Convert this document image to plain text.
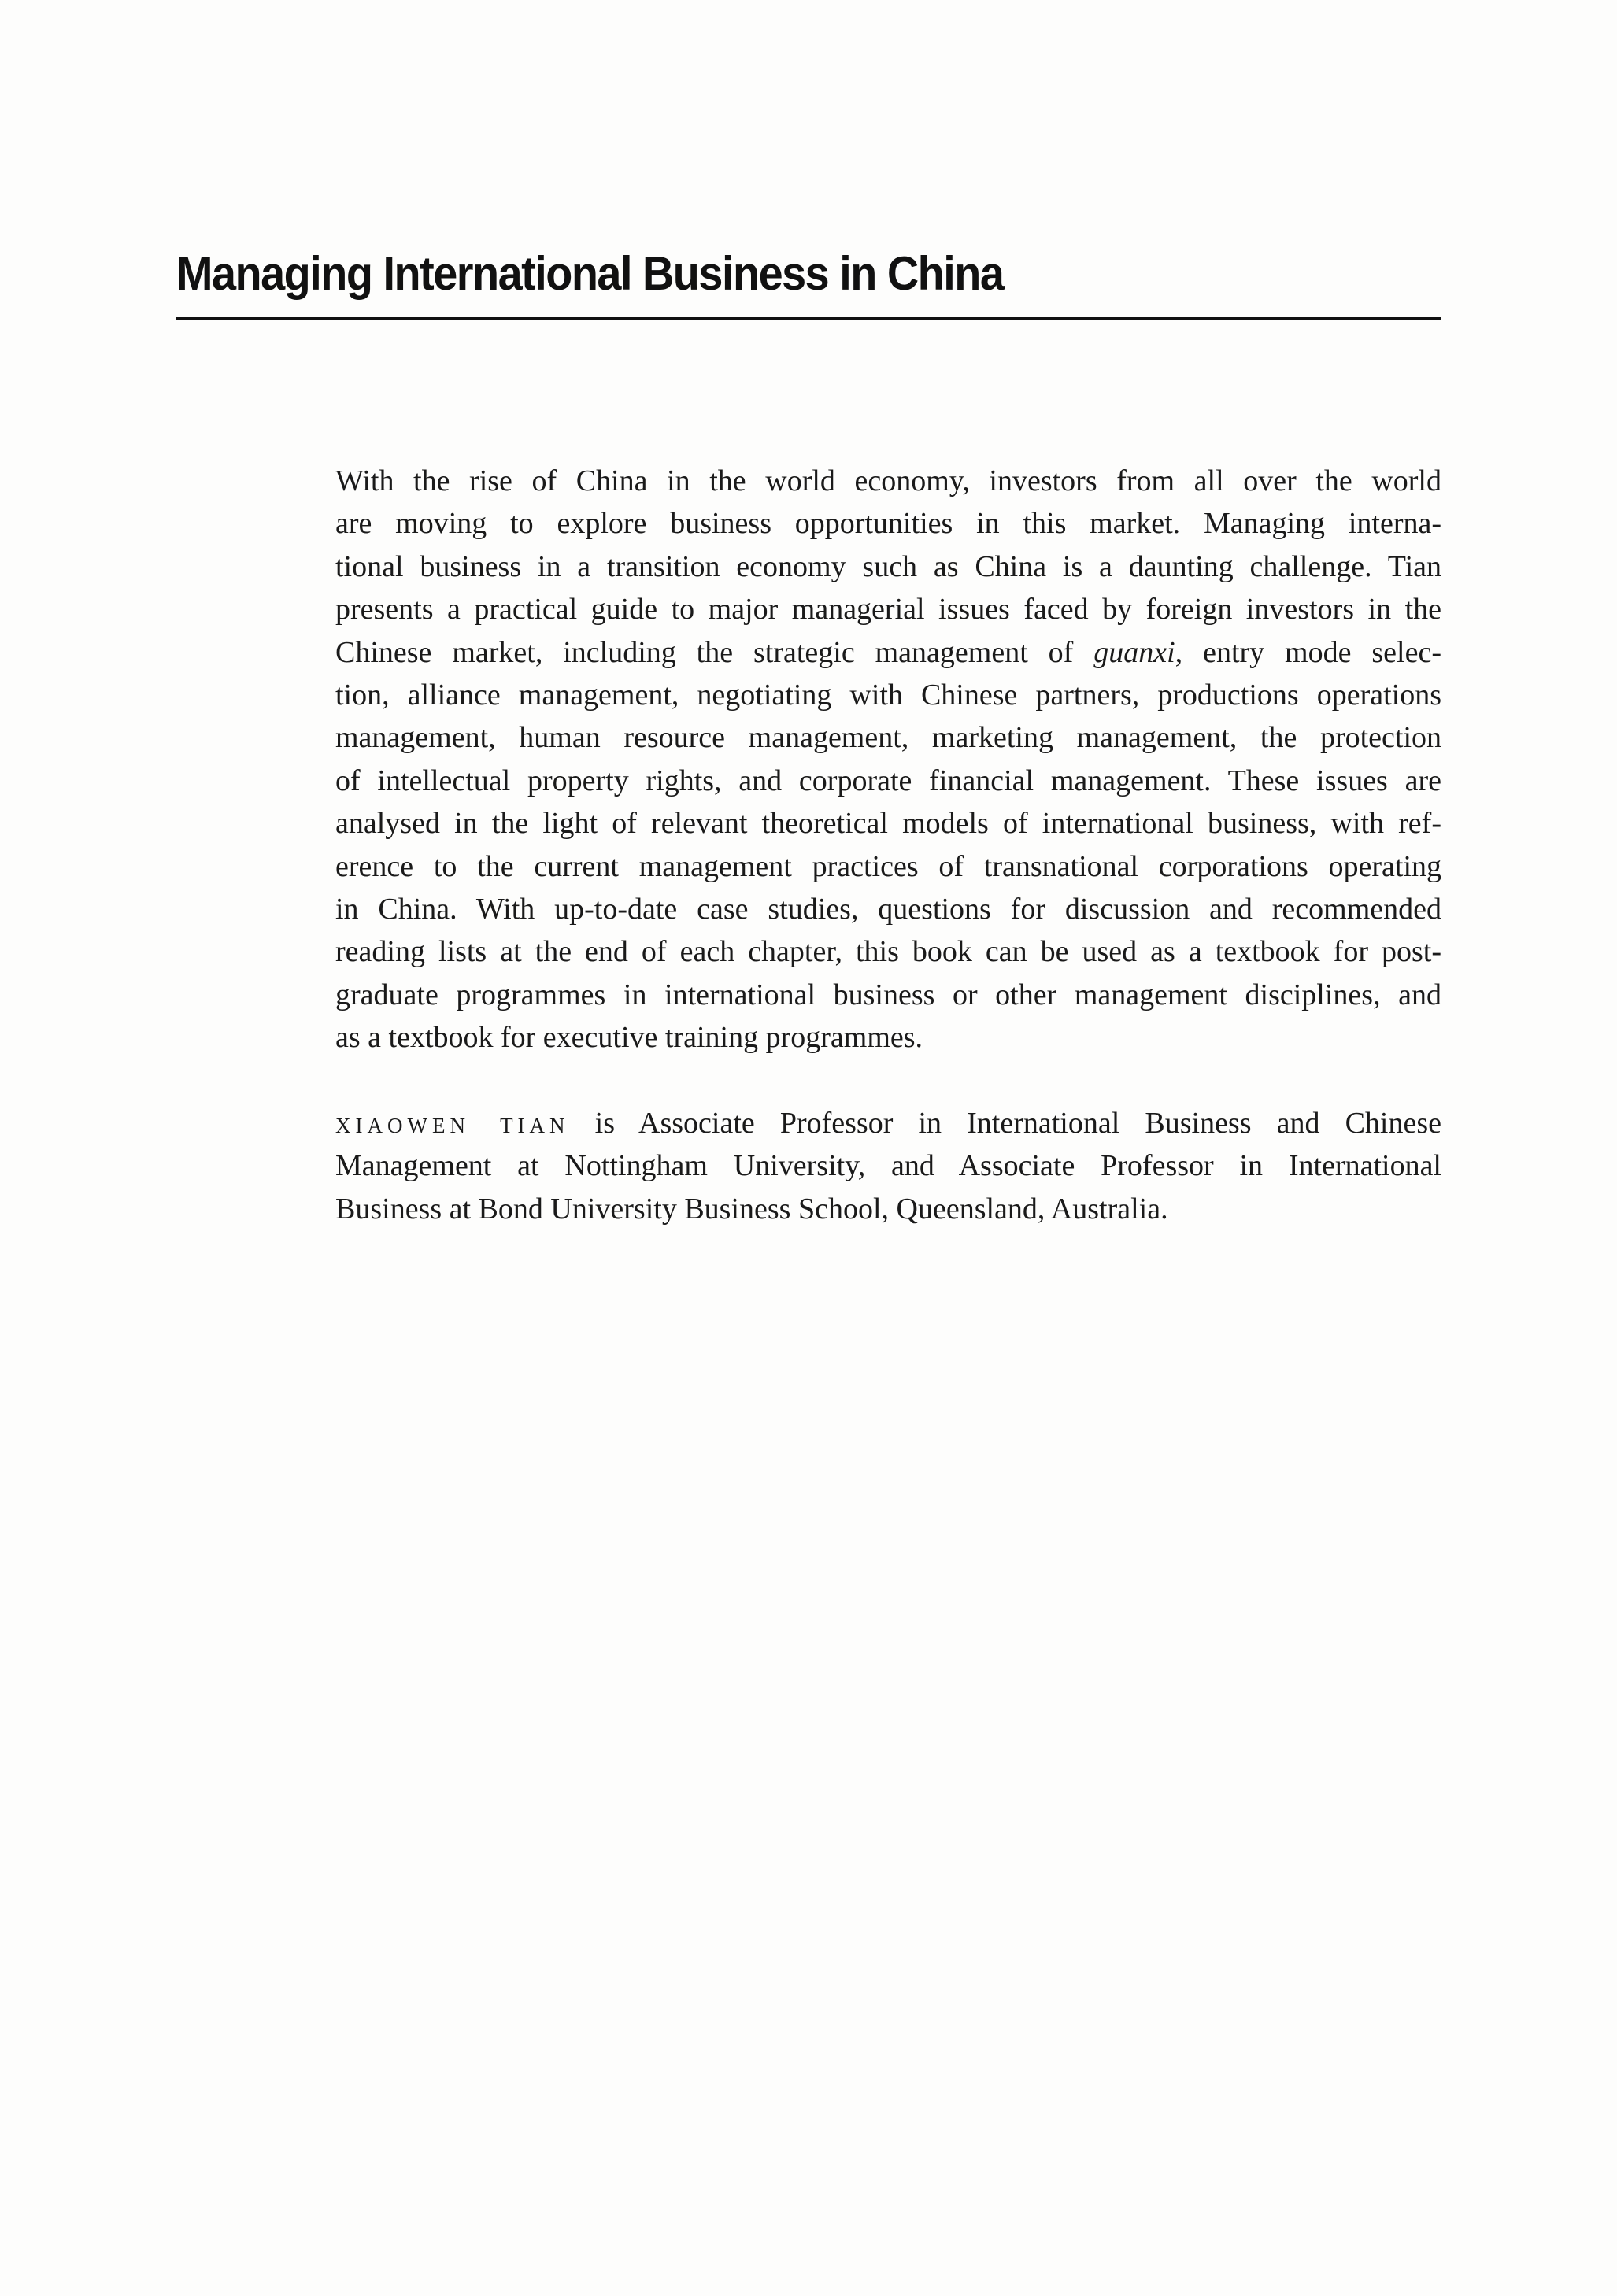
Managing International Business in China
With the rise of China in the world economy, investors from all over the world
are moving to explore business opportunities in this market. Managing interna-
tional business in a transition economy such as China is a daunting challenge. Tian
presents a practical guide to major managerial issues faced by foreign investors in the
Chinese market, including the strategic management of guanxi, entry mode selec-
tion, alliance management, negotiating with Chinese partners, productions operations
management, human resource management, marketing management, the protection
of intellectual property rights, and corporate financial management. These issues are
analysed in the light of relevant theoretical models of international business, with ref-
erence to the current management practices of transnational corporations operating
in China. With up-to-date case studies, questions for discussion and recommended
reading lists at the end of each chapter, this book can be used as a textbook for post-
graduate programmes in international business or other management disciplines, and
as a textbook for executive training programmes.
xiaowen tian is Associate Professor in International Business and Chinese
Management at Nottingham University, and Associate Professor in International
Business at Bond University Business School, Queensland, Australia.
